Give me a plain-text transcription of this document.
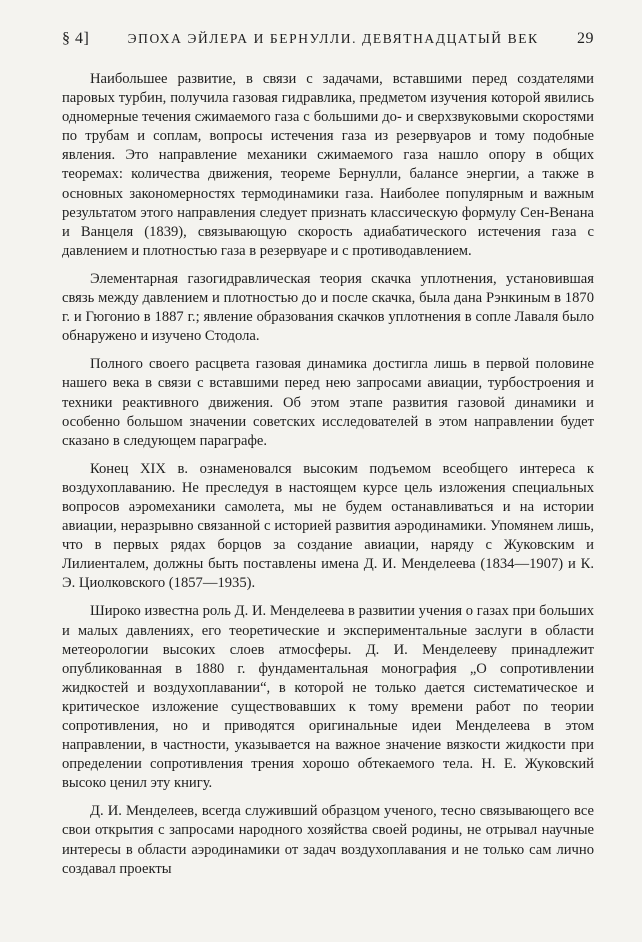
§ 4]	ЭПОХА ЭЙЛЕРА И БЕРНУЛЛИ. ДЕВЯТНАДЦАТЫЙ ВЕК 29

Наибольшее развитие, в связи с задачами, вставшими перед создателями паровых турбин, получила газовая гидравлика, предметом изучения которой явились одномерные течения сжимаемого газа с большими до- и сверхзвуковыми скоростями по трубам и соплам, вопросы истечения газа из резервуаров и тому подобные явления. Это направление механики сжимаемого газа нашло опору в общих теоремах: количества движения, теореме Бернулли, балансе энергии, а также в основных закономерностях термодинамики газа. Наиболее популярным и важным результатом этого направления следует признать классическую формулу Сен-Венана и Ванцеля (1839), связывающую скорость адиабатического истечения газа с давлением и плотностью газа в резервуаре и с противодавлением.

Элементарная газогидравлическая теория скачка уплотнения, установившая связь между давлением и плотностью до и после скачка, была дана Рэнкиным в 1870 г. и Гюгонио в 1887 г.; явление образования скачков уплотнения в сопле Лаваля было обнаружено и изучено Стодола.

Полного своего расцвета газовая динамика достигла лишь в первой половине нашего века в связи с вставшими перед нею запросами авиации, турбостроения и техники реактивного движения. Об этом этапе развития газовой динамики и особенно большом значении советских исследователей в этом направлении будет сказано в следующем параграфе.

Конец XIX в. ознаменовался высоким подъемом всеобщего интереса к воздухоплаванию. Не преследуя в настоящем курсе цель изложения специальных вопросов аэромеханики самолета, мы не будем останавливаться и на истории авиации, неразрывно связанной с историей развития аэродинамики. Упомянем лишь, что в первых рядах борцов за создание авиации, наряду с Жуковским и Лилиенталем, должны быть поставлены имена Д. И. Менделеева (1834—1907) и К. Э. Циолковского (1857—1935).

Широко известна роль Д. И. Менделеева в развитии учения о газах при больших и малых давлениях, его теоретические и экспериментальные заслуги в области метеорологии высоких слоев атмосферы. Д. И. Менделееву принадлежит опубликованная в 1880 г. фундаментальная монография „О сопротивлении жидкостей и воздухоплавании“, в которой не только дается систематическое и критическое изложение существовавших к тому времени работ по теории сопротивления, но и приводятся оригинальные идеи Менделеева в этом направлении, в частности, указывается на важное значение вязкости жидкости при определении сопротивления трения хорошо обтекаемого тела. Н. Е. Жуковский высоко ценил эту книгу.

Д. И. Менделеев, всегда служивший образцом ученого, тесно связывающего все свои открытия с запросами народного хозяйства своей родины, не отрывал научные интересы в области аэродинамики от задач воздухоплавания и не только сам лично создавал проекты
